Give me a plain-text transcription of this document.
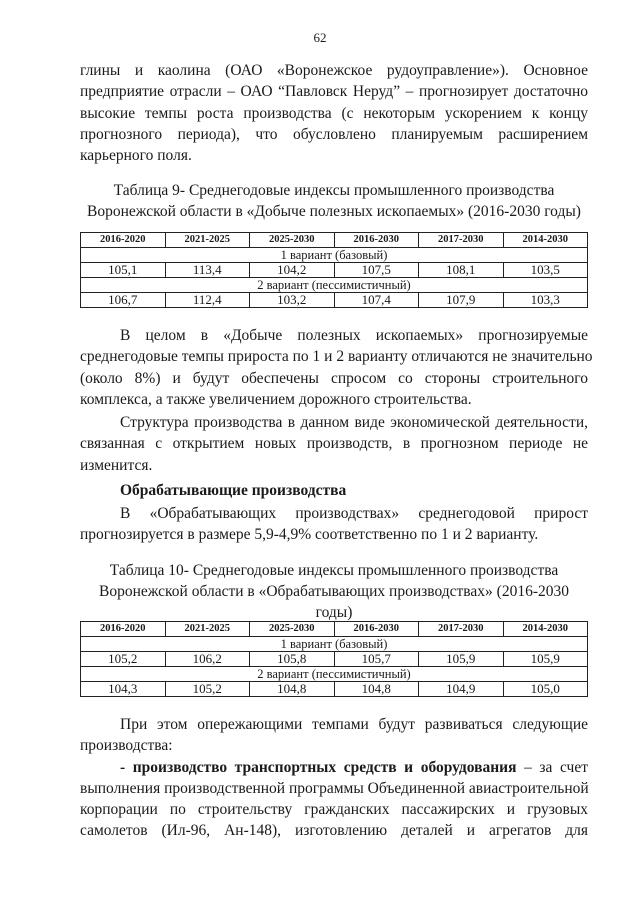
62
глины и каолина (ОАО «Воронежское рудоуправление»). Основное
предприятие отрасли – ОАО “Павловск Неруд” – прогнозирует достаточно
высокие темпы роста производства (с некоторым ускорением к концу
прогнозного периода), что обусловлено планируемым расширением
карьерного поля.
Таблица 9- Среднегодовые индексы промышленного производства
Воронежской области в «Добыче полезных ископаемых» (2016-2030 годы)
2016-2020	2021-2025	2025-2030	2016-2030	2017-2030	2014-2030
1 вариант (базовый)					
105,1	113,4	104,2	107,5	108,1	103,5
2 вариант (пессимистичный)					
106,7	112,4	103,2	107,4	107,9	103,3
В целом в «Добыче полезных ископаемых» прогнозируемые
среднегодовые темпы прироста по 1 и 2 варианту отличаются не значительно
(около 8%) и будут обеспечены спросом со стороны строительного
комплекса, а также увеличением дорожного строительства.
Структура производства в данном виде экономической деятельности,
связанная с открытием новых производств, в прогнозном периоде не
изменится.
Обрабатывающие производства
В «Обрабатывающих производствах» среднегодовой прирост
прогнозируется в размере 5,9-4,9% соответственно по 1 и 2 варианту.
Таблица 10- Среднегодовые индексы промышленного производства
Воронежской области в «Обрабатывающих производствах» (2016-2030 годы)
2016-2020	2021-2025	2025-2030	2016-2030	2017-2030	2014-2030
1 вариант (базовый)					
105,2	106,2	105,8	105,7	105,9	105,9
2 вариант (пессимистичный)					
104,3	105,2	104,8	104,8	104,9	105,0
При этом опережающими темпами будут развиваться следующие
производства:
- производство транспортных средств и оборудования – за счет
выполнения производственной программы Объединенной авиастроительной
корпорации по строительству гражданских пассажирских и грузовых
самолетов (Ил-96, Ан-148), изготовлению деталей и агрегатов для
